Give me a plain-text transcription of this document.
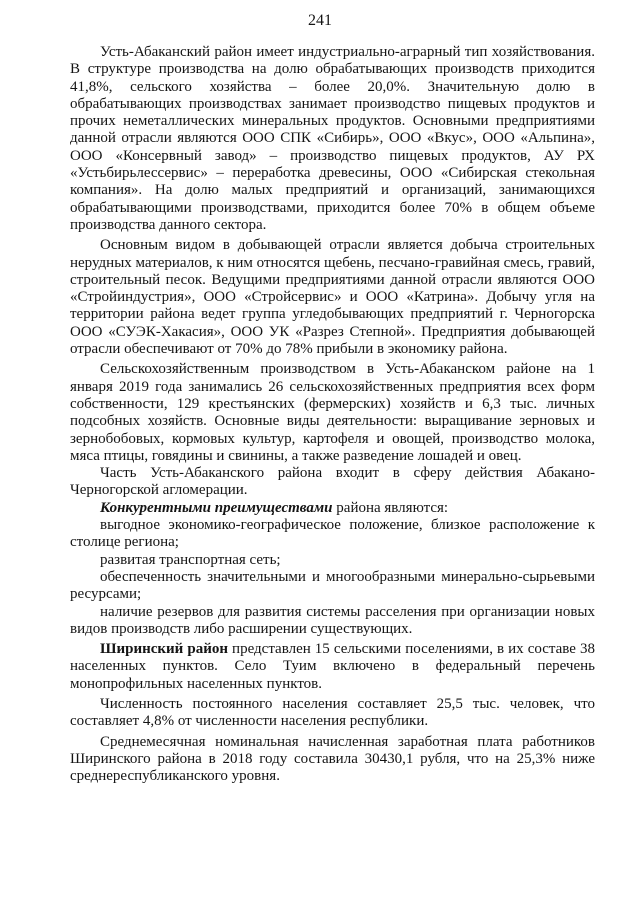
241

Усть-Абаканский район имеет индустриально-аграрный тип хозяйствования. В структуре производства на долю обрабатывающих производств приходится 41,8%, сельского хозяйства – более 20,0%. Значительную долю в обрабатывающих производствах занимает производство пищевых продуктов и прочих неметаллических минеральных продуктов. Основными предприятиями данной отрасли являются ООО СПК «Сибирь», ООО «Вкус», ООО «Альпина», ООО «Консервный завод» – производство пищевых продуктов, АУ РХ «Устьбирьлессервис» – переработка древесины, ООО «Сибирская стекольная компания». На долю малых предприятий и организаций, занимающихся обрабатывающими производствами, приходится более 70% в общем объеме производства данного сектора.

Основным видом в добывающей отрасли является добыча строительных нерудных материалов, к ним относятся щебень, песчано-гравийная смесь, гравий, строительный песок. Ведущими предприятиями данной отрасли являются ООО «Стройиндустрия», ООО «Стройсервис» и ООО «Катрина». Добычу угля на территории района ведет группа угледобывающих предприятий г. Черногорска ООО «СУЭК-Хакасия», ООО УК «Разрез Степной». Предприятия добывающей отрасли обеспечивают от 70% до 78% прибыли в экономику района.

Сельскохозяйственным производством в Усть-Абаканском районе на 1 января 2019 года занимались 26 сельскохозяйственных предприятия всех форм собственности, 129 крестьянских (фермерских) хозяйств и 6,3 тыс. личных подсобных хозяйств. Основные виды деятельности: выращивание зерновых и зернобобовых, кормовых культур, картофеля и овощей, производство молока, мяса птицы, говядины и свинины, а также разведение лошадей и овец.

Часть Усть-Абаканского района входит в сферу действия Абакано-Черногорской агломерации.

Конкурентными преимуществами района являются:

выгодное экономико-географическое положение, близкое расположение к столице региона;

развитая транспортная сеть;

обеспеченность значительными и многообразными минерально-сырьевыми ресурсами;

наличие резервов для развития системы расселения при организации новых видов производств либо расширении существующих.

Ширинский район представлен 15 сельскими поселениями, в их составе 38 населенных пунктов. Село Туим включено в федеральный перечень монопрофильных населенных пунктов.

Численность постоянного населения составляет 25,5 тыс. человек, что составляет 4,8% от численности населения республики.

Среднемесячная номинальная начисленная заработная плата работников Ширинского района в 2018 году составила 30430,1 рубля, что на 25,3% ниже среднереспубликанского уровня.
